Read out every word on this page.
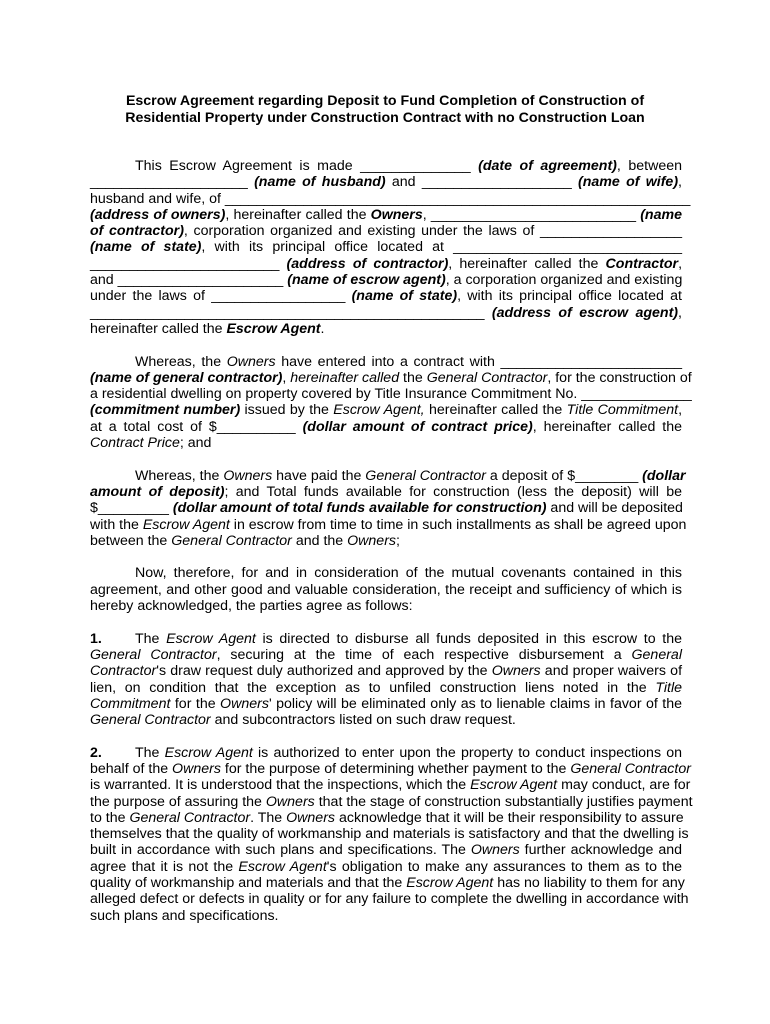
Escrow Agreement regarding Deposit to Fund Completion of Construction of
Residential Property under Construction Contract with no Construction Loan
This Escrow Agreement is made ______________ (date of agreement), between
____________________ (name of husband) and ___________________ (name of wife),
husband and wife, of ___________________________________________________________
(address of owners), hereinafter called the Owners, __________________________ (name
of contractor), corporation organized and existing under the laws of __________________
(name of state), with its principal office located at _____________________________
________________________ (address of contractor), hereinafter called the Contractor,
and _____________________ (name of escrow agent), a corporation organized and existing
under the laws of _________________ (name of state), with its principal office located at
__________________________________________________ (address of escrow agent),
hereinafter called the Escrow Agent.
Whereas, the Owners have entered into a contract with _______________________
(name of general contractor), hereinafter called the General Contractor, for the construction of
a residential dwelling on property covered by Title Insurance Commitment No. ______________
(commitment number) issued by the Escrow Agent, hereinafter called the Title Commitment,
at a total cost of $__________ (dollar amount of contract price), hereinafter called the
Contract Price; and
Whereas, the Owners have paid the General Contractor a deposit of $________ (dollar
amount of deposit); and Total funds available for construction (less the deposit) will be
$_________ (dollar amount of total funds available for construction) and will be deposited
with the Escrow Agent in escrow from time to time in such installments as shall be agreed upon
between the General Contractor and the Owners;
Now, therefore, for and in consideration of the mutual covenants contained in this
agreement, and other good and valuable consideration, the receipt and sufficiency of which is
hereby acknowledged, the parties agree as follows:
1. The Escrow Agent is directed to disburse all funds deposited in this escrow to the
General Contractor, securing at the time of each respective disbursement a General
Contractor's draw request duly authorized and approved by the Owners and proper waivers of
lien, on condition that the exception as to unfiled construction liens noted in the Title
Commitment for the Owners' policy will be eliminated only as to lienable claims in favor of the
General Contractor and subcontractors listed on such draw request.
2. The Escrow Agent is authorized to enter upon the property to conduct inspections on
behalf of the Owners for the purpose of determining whether payment to the General Contractor
is warranted. It is understood that the inspections, which the Escrow Agent may conduct, are for
the purpose of assuring the Owners that the stage of construction substantially justifies payment
to the General Contractor. The Owners acknowledge that it will be their responsibility to assure
themselves that the quality of workmanship and materials is satisfactory and that the dwelling is
built in accordance with such plans and specifications. The Owners further acknowledge and
agree that it is not the Escrow Agent's obligation to make any assurances to them as to the
quality of workmanship and materials and that the Escrow Agent has no liability to them for any
alleged defect or defects in quality or for any failure to complete the dwelling in accordance with
such plans and specifications.
